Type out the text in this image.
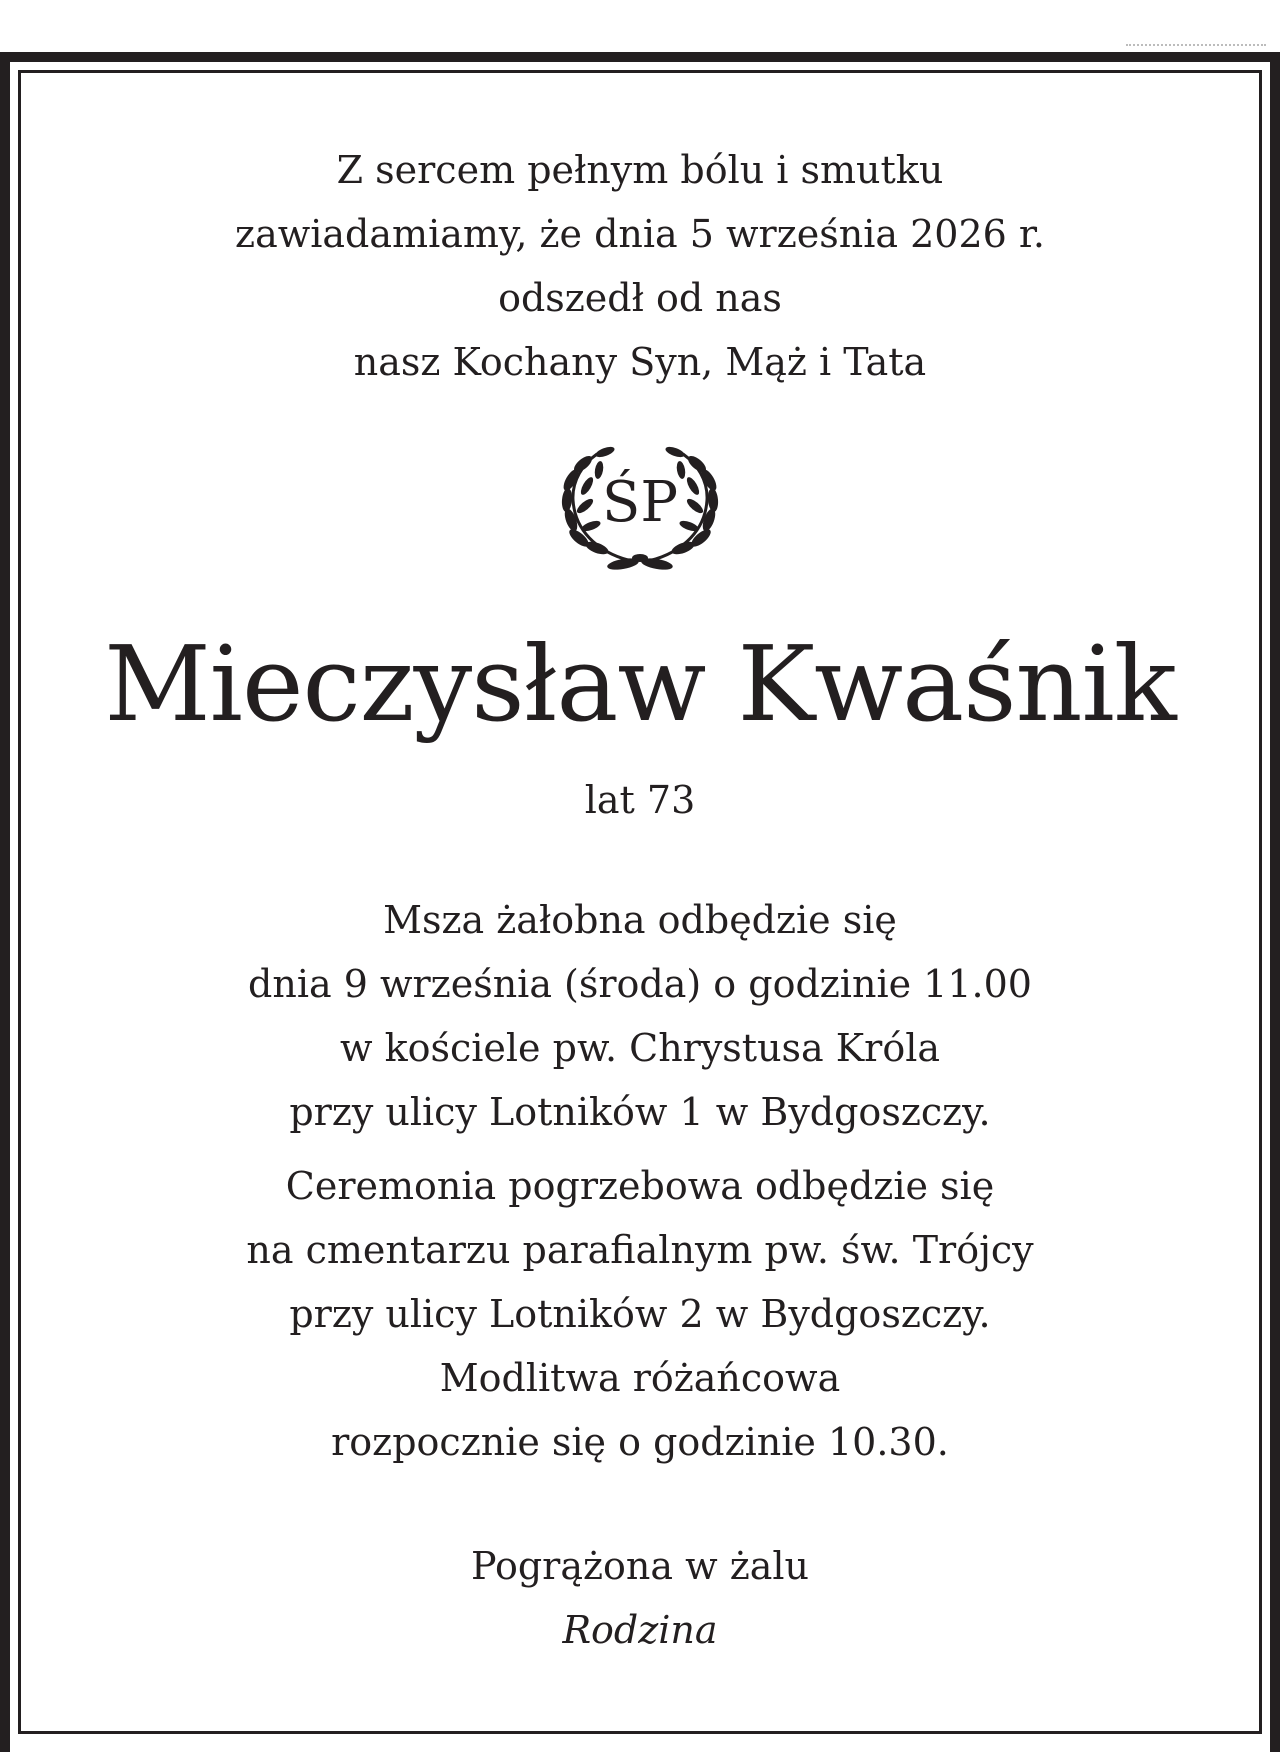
Z sercem pełnym bólu i smutku
zawiadamiamy, że dnia 5 września 2026 r.
odszedł od nas
nasz Kochany Syn, Mąż i Tata
ŚP
Mieczysław Kwaśnik
lat 73
Msza żałobna odbędzie się
dnia 9 września (środa) o godzinie 11.00
w kościele pw. Chrystusa Króla
przy ulicy Lotników 1 w Bydgoszczy.
Ceremonia pogrzebowa odbędzie się
na cmentarzu parafialnym pw. św. Trójcy
przy ulicy Lotników 2 w Bydgoszczy.
Modlitwa różańcowa
rozpocznie się o godzinie 10.30.
Pogrążona w żalu
Rodzina
